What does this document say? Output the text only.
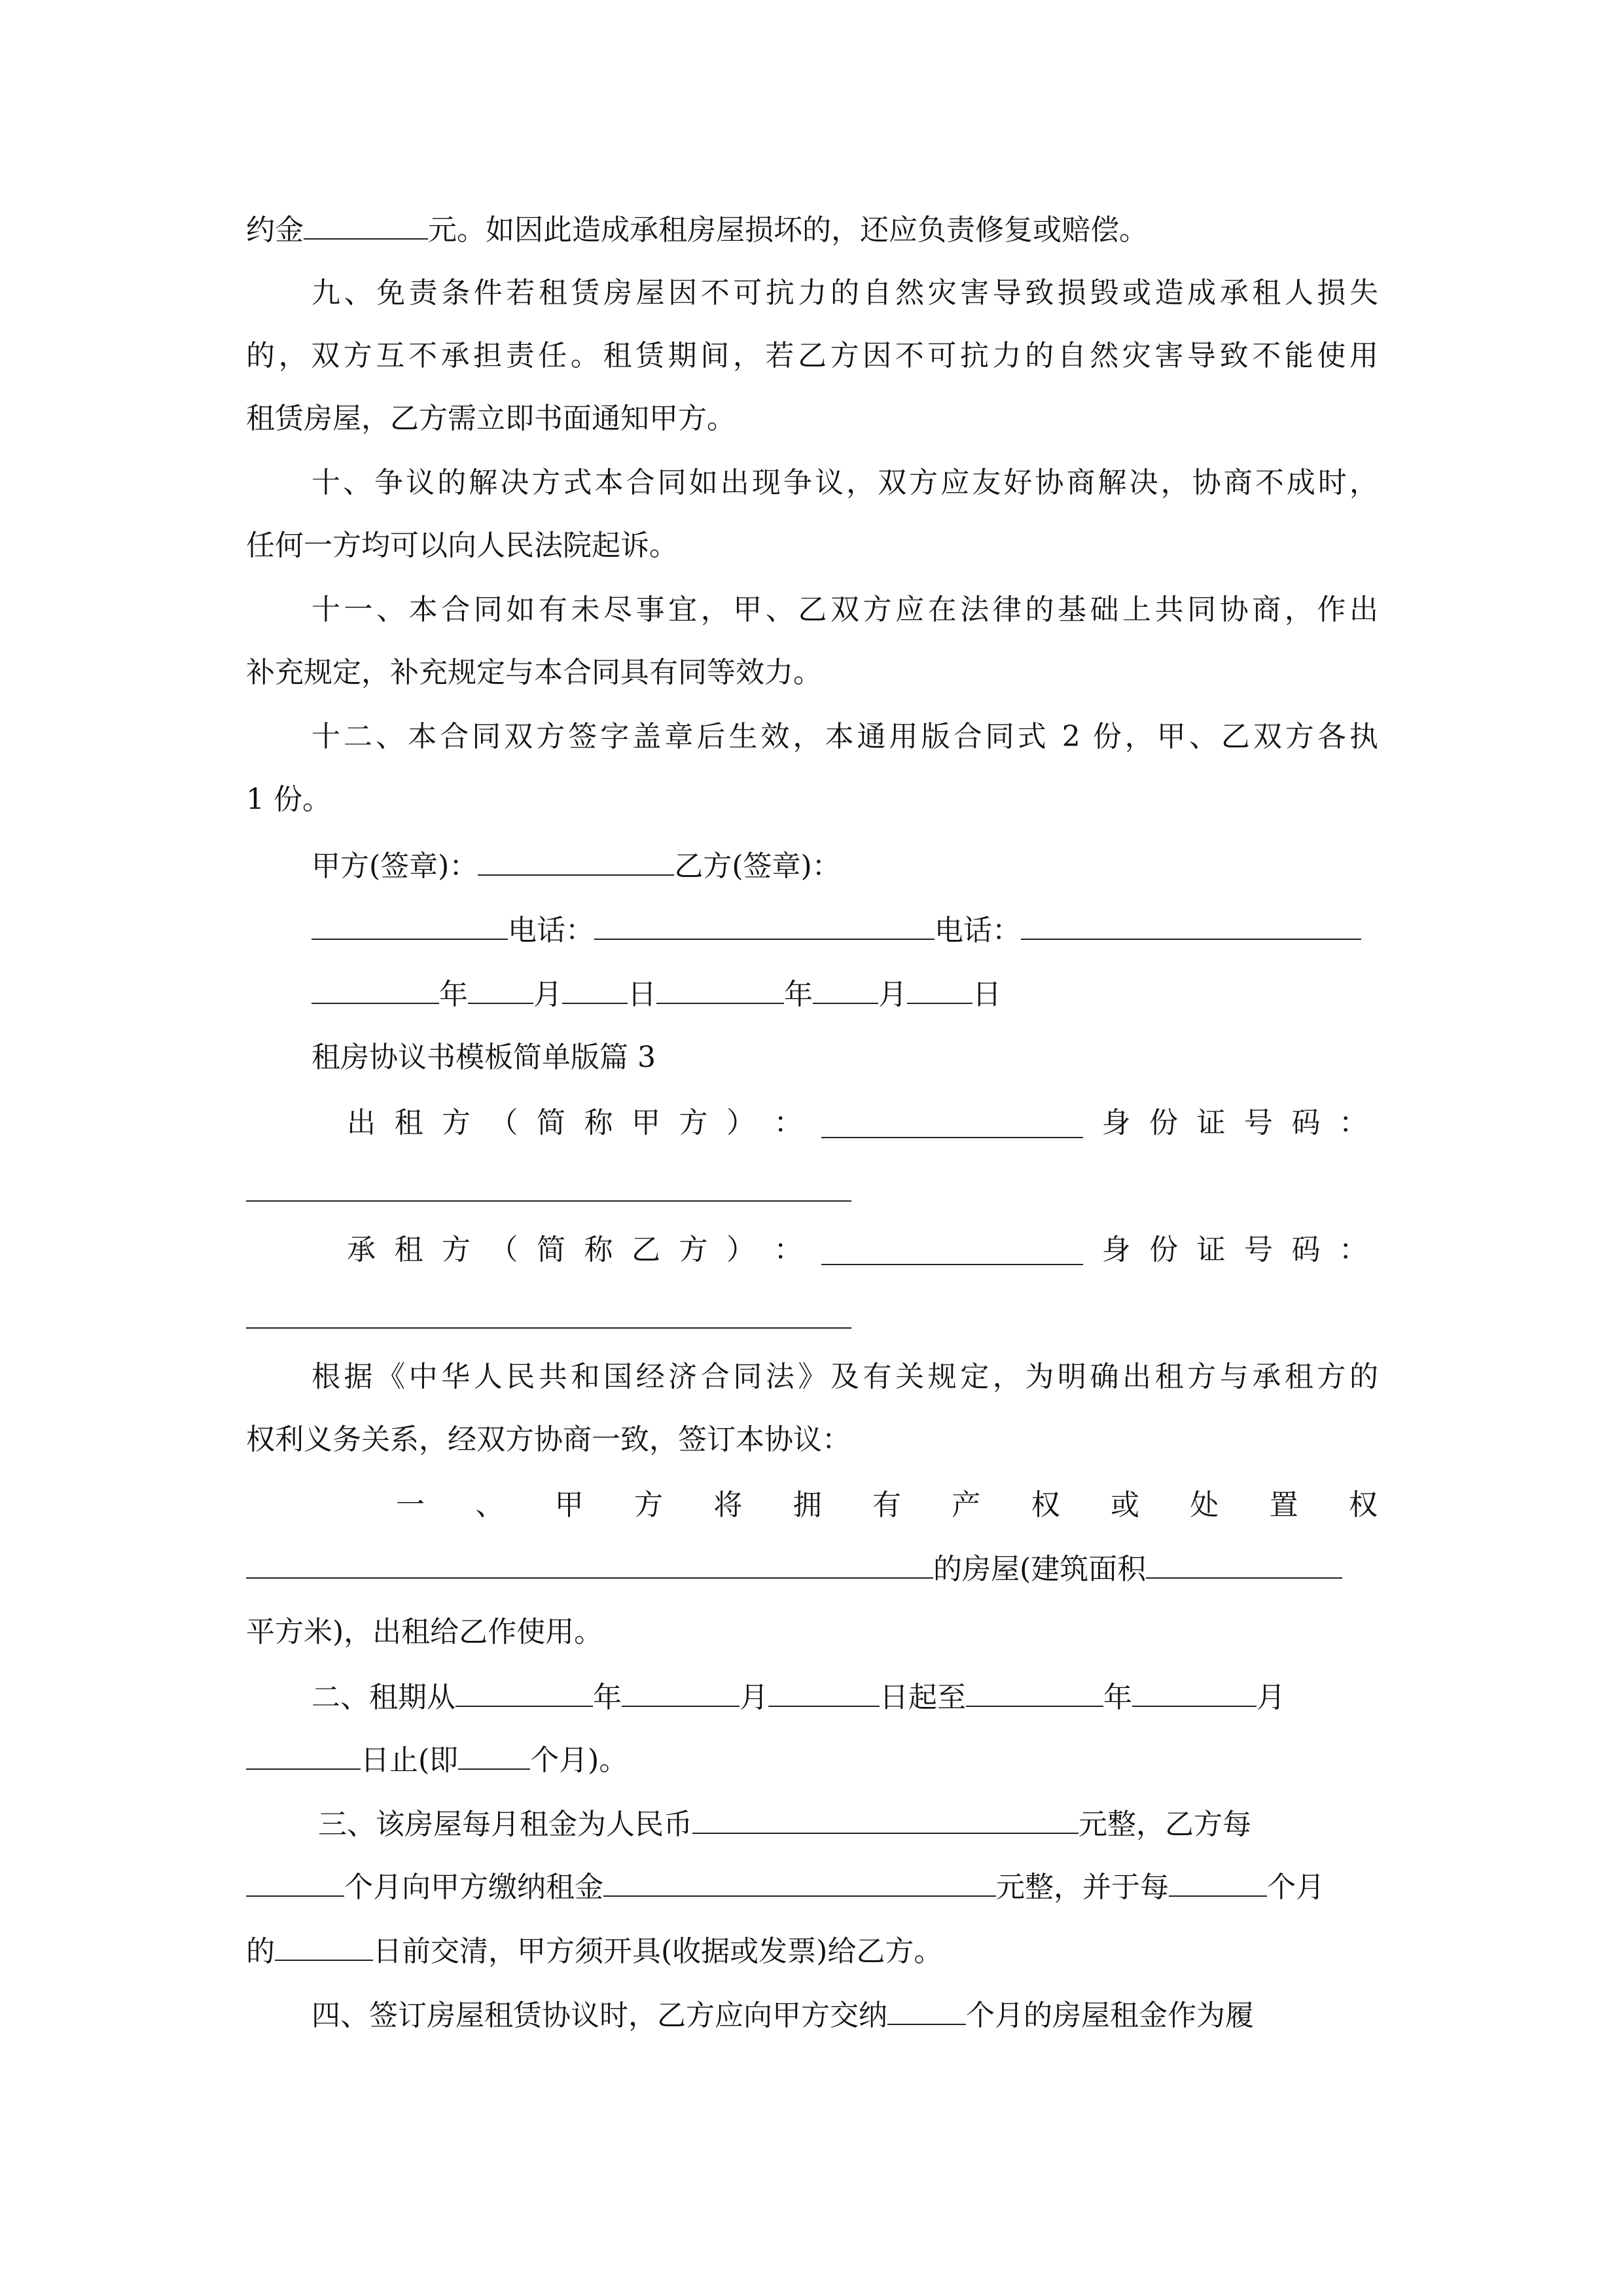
约金	元。如因此造成承租房屋损坏的，还应负责修复或赔偿。
九、免责条件若租赁房屋因不可抗力的自然灾害导致损毁或造成承租人损失
的，双方互不承担责任。租赁期间，若乙方因不可抗力的自然灾害导致不能使用
租赁房屋，乙方需立即书面通知甲方。
十、争议的解决方式本合同如出现争议，双方应友好协商解决，协商不成时，
任何一方均可以向人民法院起诉。
十一、本合同如有未尽事宜，甲、乙双方应在法律的基础上共同协商，作出
补充规定，补充规定与本合同具有同等效力。
十二、本合同双方签字盖章后生效，本通用版合同式 2 份，甲、乙双方各执
1 份。
甲方(签章)：	乙方(签章)：
电话：	电话：
年 月 日	年 月 日
租房协议书模板简单版篇 3
出 租 方 （ 简 称 甲 方 ） ：	身 份 证 号 码 ：
承 租 方 （ 简 称 乙 方 ） ：	身 份 证 号 码 ：
根据《中华人民共和国经济合同法》及有关规定，为明确出租方与承租方的
权利义务关系，经双方协商一致，签订本协议：
一 、 甲 方 将 拥 有 产 权 或 处 置 权
的房屋(建筑面积
平方米)，出租给乙作使用。
二、租期从	年	月	日起至	年	月
日止(即	个月)。
三、该房屋每月租金为人民币	元整，乙方每
个月向甲方缴纳租金	元整，并于每	个月
的	日前交清，甲方须开具(收据或发票)给乙方。
四、签订房屋租赁协议时，乙方应向甲方交纳	个月的房屋租金作为履
